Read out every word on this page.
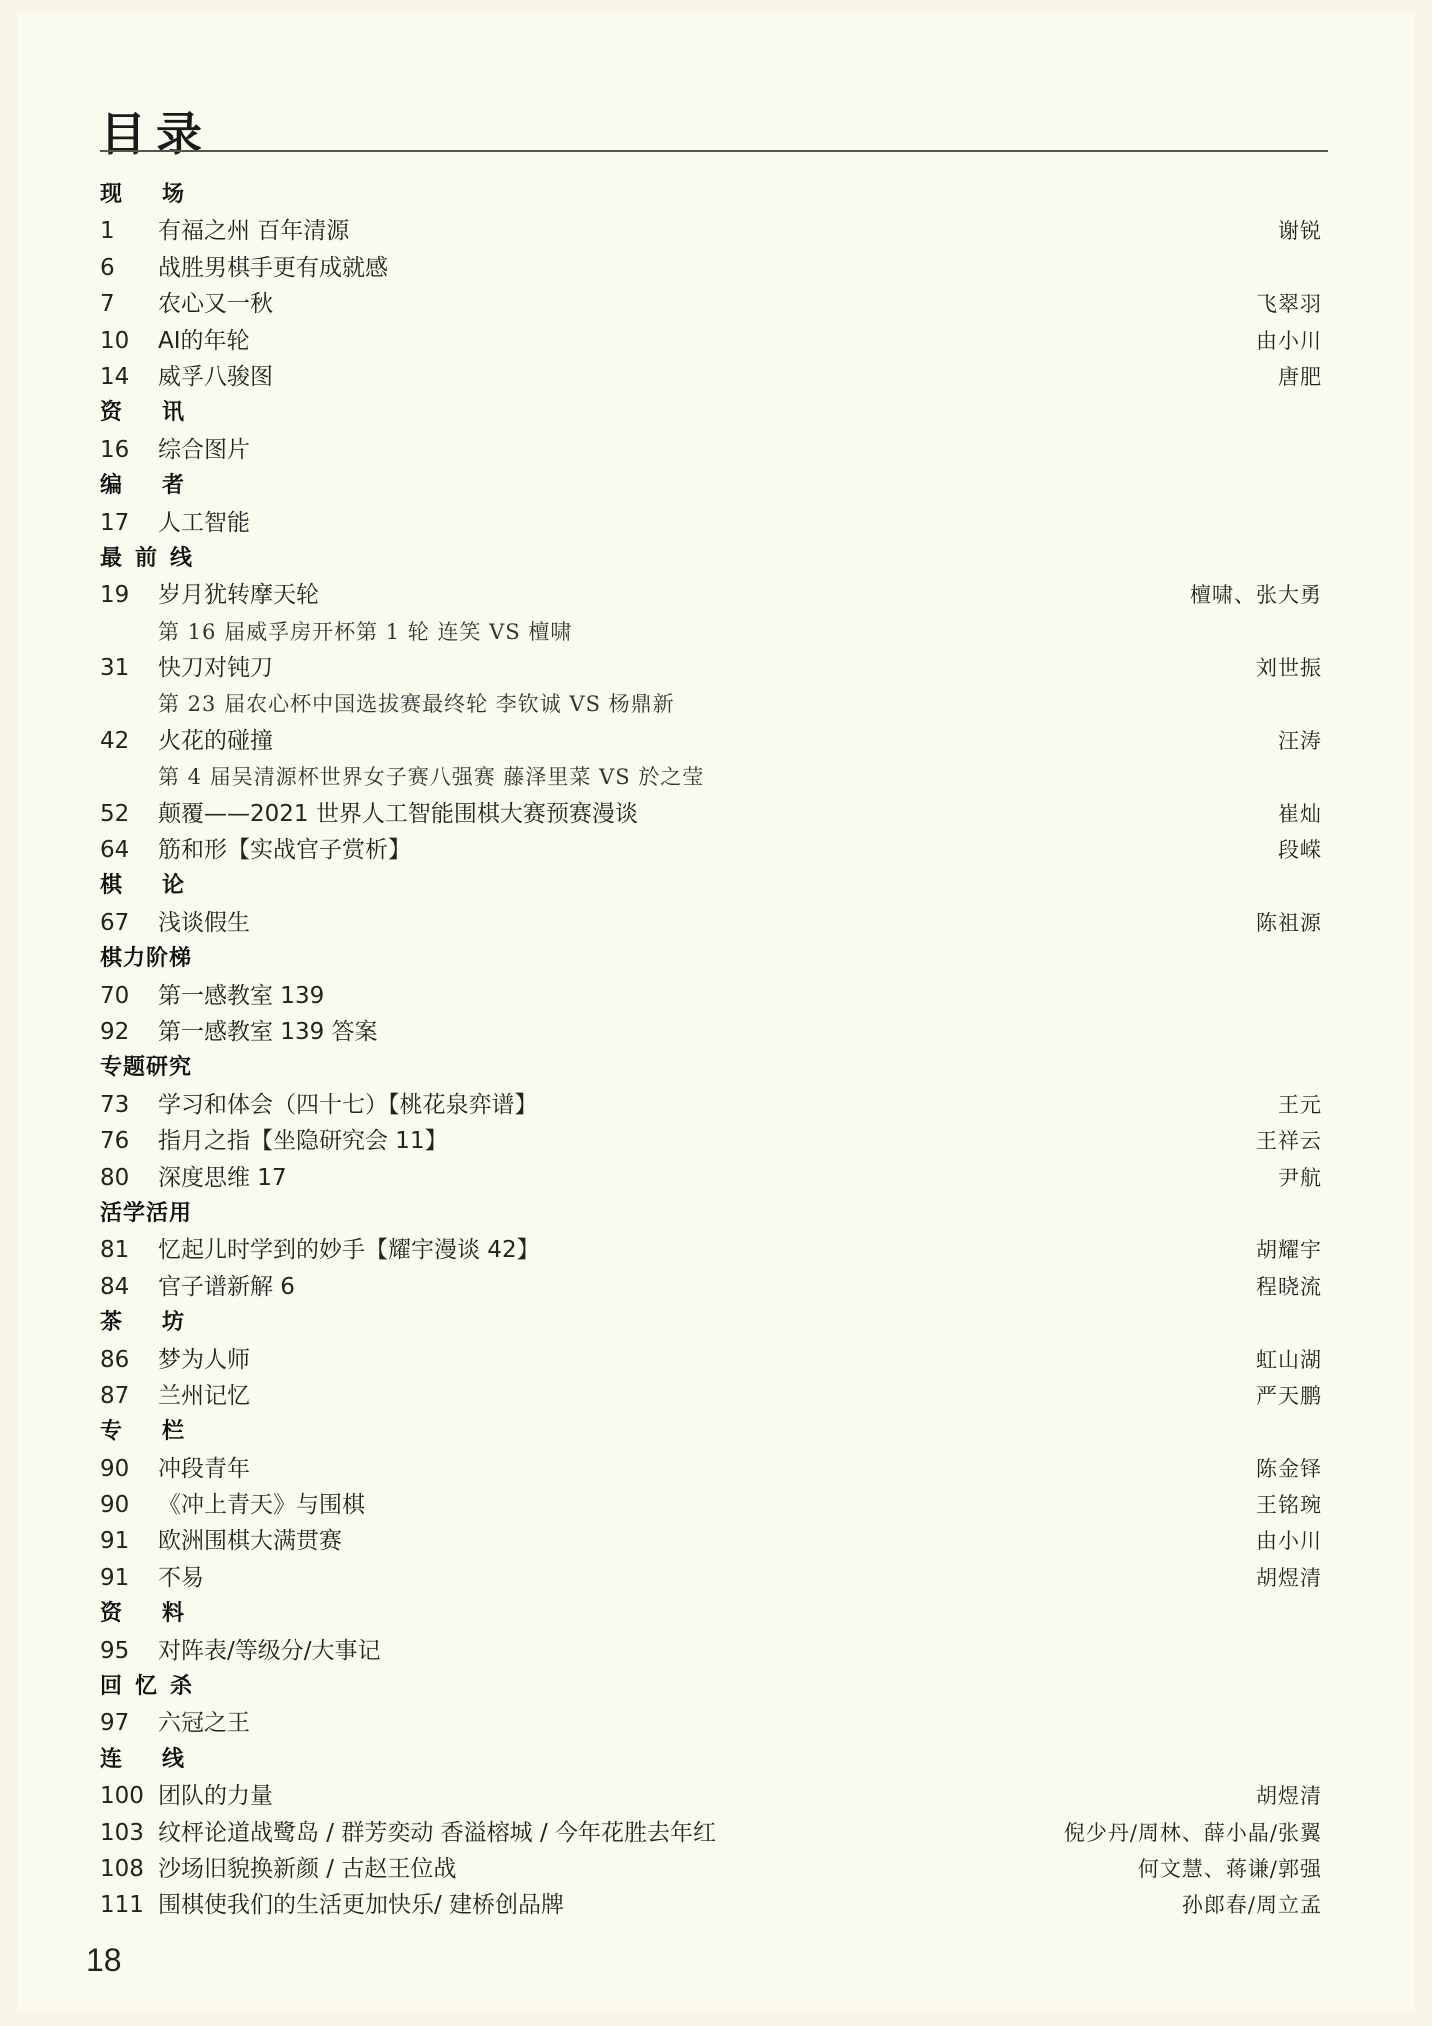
目录
现场
1 有福之州 百年清源	谢锐
6 战胜男棋手更有成就感
7 农心又一秋	飞翠羽
10 AI的年轮	由小川
14 威孚八骏图	唐肥
资讯
16 综合图片
编者
17 人工智能
最前线
19 岁月犹转摩天轮	檀啸、张大勇
第 16 届威孚房开杯第 1 轮 连笑 VS 檀啸
31 快刀对钝刀	刘世振
第 23 届农心杯中国选拔赛最终轮 李钦诚 VS 杨鼎新
42 火花的碰撞	汪涛
第 4 届吴清源杯世界女子赛八强赛 藤泽里菜 VS 於之莹
52 颠覆——2021 世界人工智能围棋大赛预赛漫谈	崔灿
64 筋和形【实战官子赏析】	段嵘
棋论
67 浅谈假生	陈祖源
棋力阶梯
70 第一感教室 139
92 第一感教室 139 答案
专题研究
73 学习和体会（四十七）【桃花泉弈谱】	王元
76 指月之指【坐隐研究会 11】	王祥云
80 深度思维 17	尹航
活学活用
81 忆起儿时学到的妙手【耀宇漫谈 42】	胡耀宇
84 官子谱新解 6	程晓流
茶坊
86 梦为人师	虹山湖
87 兰州记忆	严天鹏
专栏
90 冲段青年	陈金铎
90 《冲上青天》与围棋	王铭琬
91 欧洲围棋大满贯赛	由小川
91 不易	胡煜清
资料
95 对阵表/等级分/大事记
回忆杀
97 六冠之王
连线
100 团队的力量	胡煜清
103 纹枰论道战鹭岛 / 群芳奕动 香溢榕城 / 今年花胜去年红	倪少丹/周林、薛小晶/张翼
108 沙场旧貌换新颜 / 古赵王位战	何文慧、蒋谦/郭强
111 围棋使我们的生活更加快乐/ 建桥创品牌	孙郎春/周立孟
18
